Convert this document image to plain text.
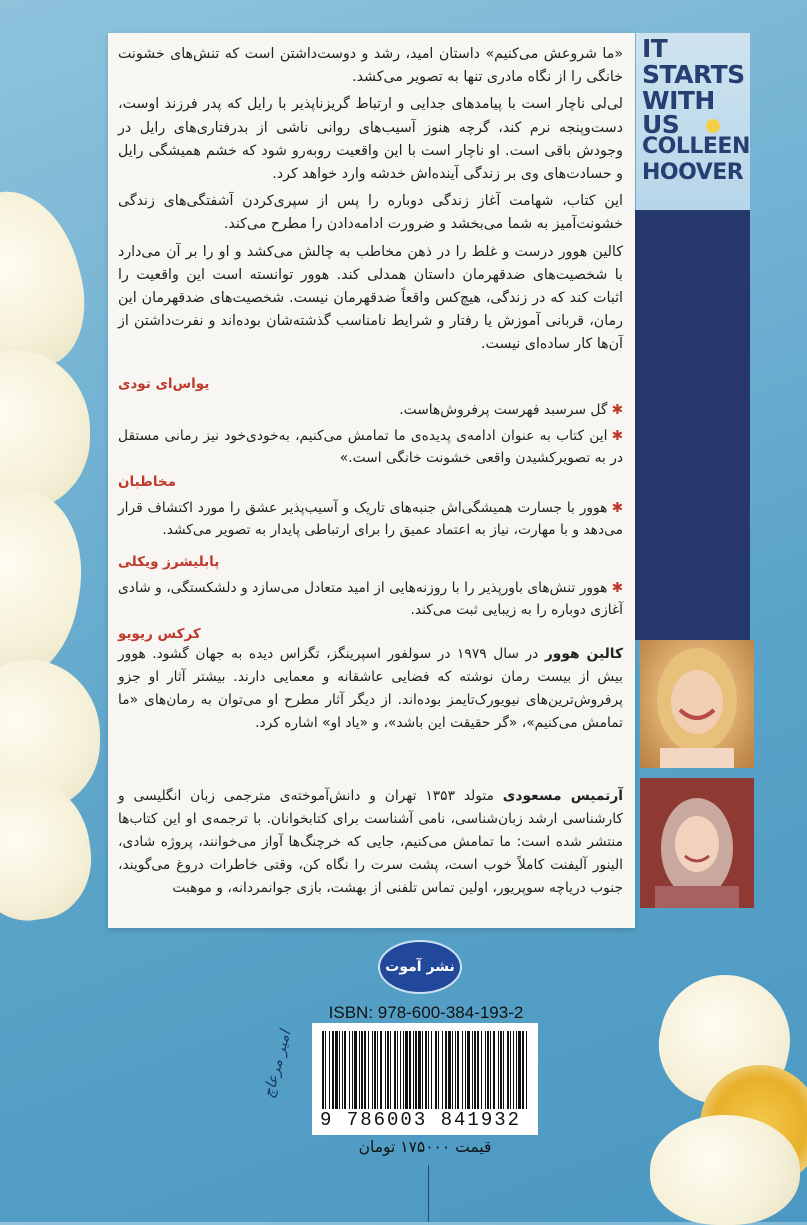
«ما شروعش می‌کنیم» داستان امید، رشد و دوست‌داشتن است که تنش‌های خشونت خانگی را از نگاه مادری تنها به تصویر می‌کشد.

لی‌لی ناچار است با پیامدهای جدایی و ارتباط گریزناپذیر با رایل که پدر فرزند اوست، دست‌وپنجه نرم کند، گرچه هنوز آسیب‌های روانی ناشی از بدرفتاری‌های رایل در وجودش باقی است. او ناچار است با این واقعیت روبه‌رو شود که خشم همیشگی رایل و حسادت‌های وی بر زندگی آینده‌اش خدشه وارد خواهد کرد.

این کتاب، شهامت آغاز زندگی دوباره را پس از سپری‌کردن آشفتگی‌های زندگی خشونت‌آمیز به شما می‌بخشد و ضرورت ادامه‌دادن را مطرح می‌کند.

کالین هوور درست و غلط را در ذهن مخاطب به چالش می‌کشد و او را بر آن می‌دارد با شخصیت‌های ضدقهرمان داستان همدلی کند. هوور توانسته است این واقعیت را اثبات کند که در زندگی، هیچ‌کس واقعاً ضدقهرمان نیست. شخصیت‌های ضدقهرمان این رمان، قربانی آموزش یا رفتار و شرایط نامناسب گذشته‌شان بوده‌اند و نفرت‌داشتن از آن‌ها کار ساده‌ای نیست.

یواس‌ای تودی

✱گل سرسبد فهرست پرفروش‌هاست.

✱این کتاب به عنوان ادامه‌ی پدیده‌ی ما تمامش می‌کنیم، به‌خودی‌خود نیز رمانی مستقل در به تصویرکشیدن واقعی خشونت خانگی است.»

مخاطبان

✱هوور با جسارت همیشگی‌اش جنبه‌های تاریک و آسیب‌پذیر عشق را مورد اکتشاف قرار می‌دهد و با مهارت، نیاز به اعتماد عمیق را برای ارتباطی پایدار به تصویر می‌کشد.

پابلیشرز ویکلی

✱هوور تنش‌های باورپذیر را با روزنه‌هایی از امید متعادل می‌سازد و دلشکستگی، و شادی آغازی دوباره را به زیبایی ثبت می‌کند.

کرکس ریویو

کالین هوور در سال ۱۹۷۹ در سولفور اسپرینگز، تگزاس دیده به جهان گشود. هوور بیش از بیست رمان نوشته که فضایی عاشقانه و معمایی دارند. بیشتر آثار او جزو پرفروش‌ترین‌های نیویورک‌تایمز بوده‌اند. از دیگر آثار مطرح او می‌توان به رمان‌های «ما تمامش می‌کنیم»، «گر حقیقت این باشد»، و «یاد او» اشاره کرد.

آرتمیس مسعودی متولد ۱۳۵۳ تهران و دانش‌آموخته‌ی مترجمی زبان انگلیسی و کارشناسی ارشد زبان‌شناسی، نامی آشناست برای کتابخوانان. با ترجمه‌ی او این کتاب‌ها منتشر شده است: ما تمامش می‌کنیم، جایی که خرچنگ‌ها آواز می‌خوانند، پروژه شادی، الینور آلیفنت کاملاً خوب است، پشت سرت را نگاه کن، وقتی خاطرات دروغ می‌گویند، جنوب دریاچه سوپریور، اولین تماس تلفنی از بهشت، بازی جوانمردانه، و موهبت

IT
STARTS
WITH US
COLLEEN
HOOVER
نشر آموت
ISBN: 978-600-384-193-2
9 786003 841932
قیمت ۱۷۵۰۰۰ تومان
امیر مرعاچ
